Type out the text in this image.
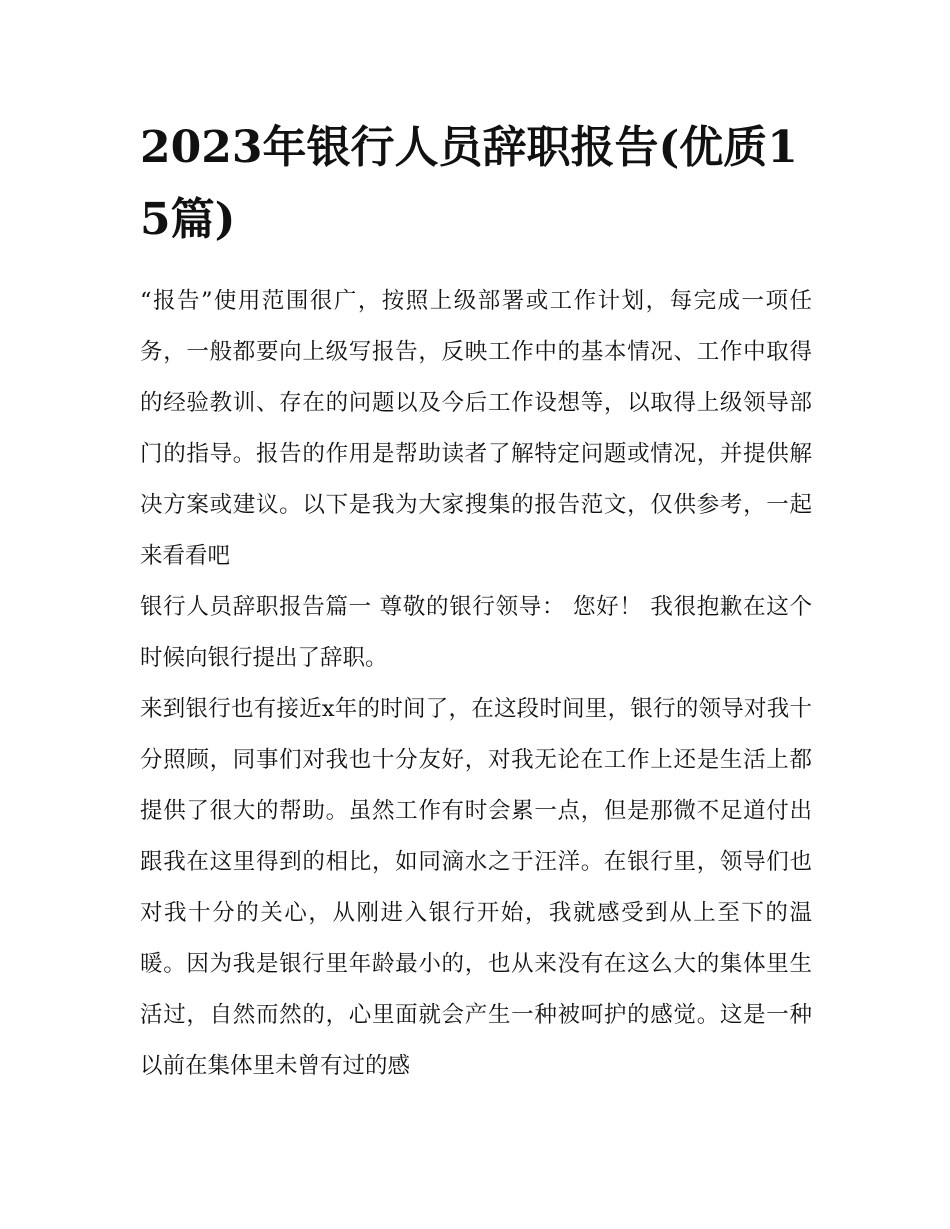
2023年银行人员辞职报告(优质15篇)

“报告”使用范围很广，按照上级部署或工作计划，每完成一项任务，一般都要向上级写报告，反映工作中的基本情况、工作中取得的经验教训、存在的问题以及今后工作设想等，以取得上级领导部门的指导。报告的作用是帮助读者了解特定问题或情况，并提供解决方案或建议。以下是我为大家搜集的报告范文，仅供参考，一起来看看吧

银行人员辞职报告篇一 尊敬的银行领导： 您好！ 我很抱歉在这个时候向银行提出了辞职。

来到银行也有接近x年的时间了，在这段时间里，银行的领导对我十分照顾，同事们对我也十分友好，对我无论在工作上还是生活上都提供了很大的帮助。虽然工作有时会累一点，但是那微不足道付出跟我在这里得到的相比，如同滴水之于汪洋。在银行里，领导们也对我十分的关心，从刚进入银行开始，我就感受到从上至下的温暖。因为我是银行里年龄最小的，也从来没有在这么大的集体里生活过，自然而然的，心里面就会产生一种被呵护的感觉。这是一种以前在集体里未曾有过的感
